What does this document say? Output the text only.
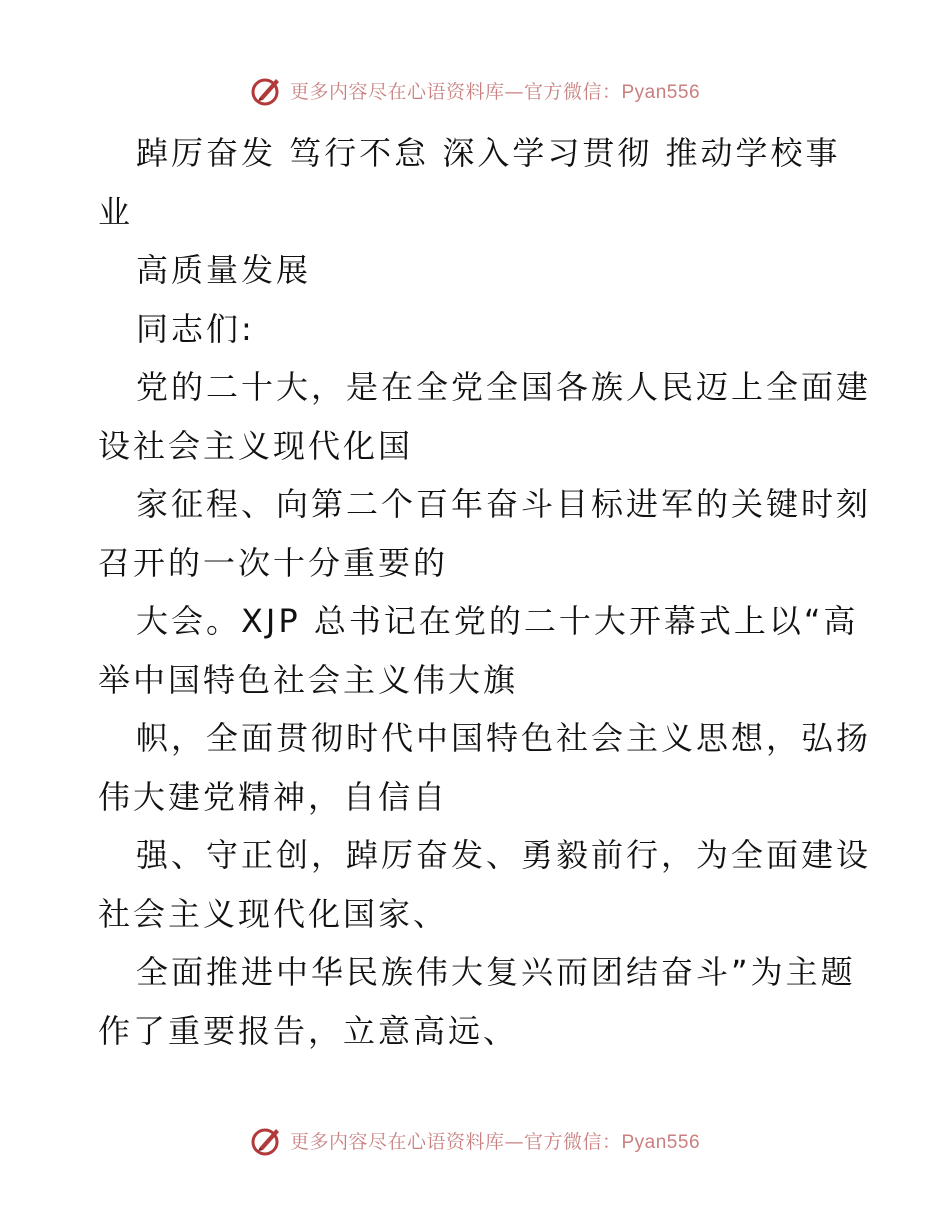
更多内容尽在心语资料库—官方微信：Pyan556
踔厉奋发 笃行不怠 深入学习贯彻 推动学校事
业
高质量发展
同志们:
党的二十大，是在全党全国各族人民迈上全面建
设社会主义现代化国
家征程、向第二个百年奋斗目标进军的关键时刻
召开的一次十分重要的
大会。XJP 总书记在党的二十大开幕式上以“高
举中国特色社会主义伟大旗
帜，全面贯彻时代中国特色社会主义思想，弘扬
伟大建党精神，自信自
强、守正创，踔厉奋发、勇毅前行，为全面建设
社会主义现代化国家、
全面推进中华民族伟大复兴而团结奋斗”为主题
作了重要报告，立意高远、
更多内容尽在心语资料库—官方微信：Pyan556
